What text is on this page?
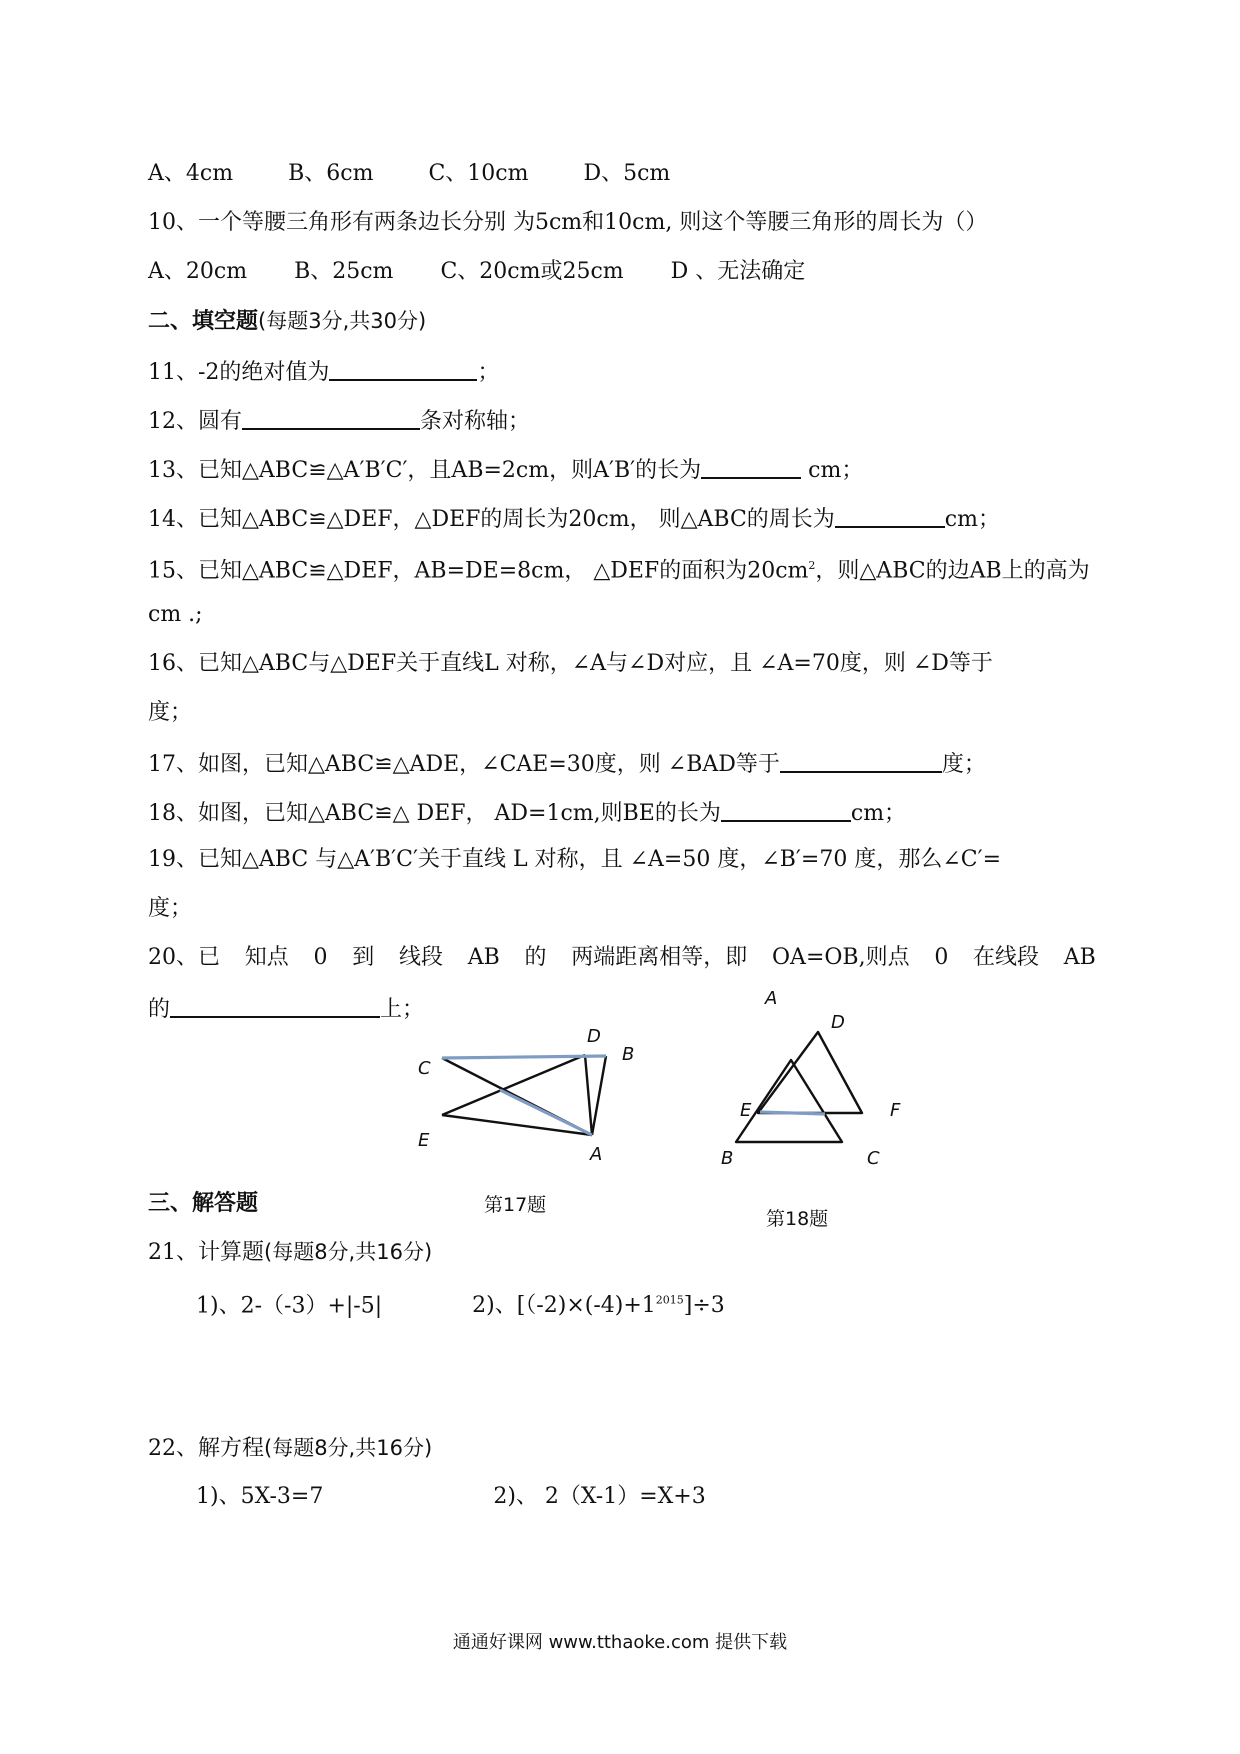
A、4cm	B、6cm	C、10cm	D、5cm
10、一个等腰三角形有两条边长分别 为5cm和10cm, 则这个等腰三角形的周长为（）
A、20cm B、25cm C、20cm或25cm D 、无法确定
二、填空题(每题3分,共30分)
11、-2的绝对值为	；
12、圆有	条对称轴；
13、已知△ABC≌△A′B′C′，且AB=2cm，则A′B′的长为	cm；
14、已知△ABC≌△DEF，△DEF的周长为20cm， 则△ABC的周长为	cm；
15、已知△ABC≌△DEF，AB=DE=8cm， △DEF的面积为$20cm^2$，则△ABC的边AB上的高为
cm .;
16、已知△ABC与△DEF关于直线L 对称，∠A与∠D对应，且 ∠A=70度，则 ∠D等于
度；
17、如图，已知△ABC≌△ADE，∠CAE=30度，则 ∠BAD等于	度；
18、如图，已知△ABC≌△ DEF， AD=1cm,则BE的长为	cm；
19、已知△ABC 与△A′B′C′关于直线 L 对称，且 ∠A=50 度，∠B′=70 度，那么∠C′=
度；
20、已 知点 0 到 线段 AB 的 两端距离相等，即 OA=OB,则点 0 在线段 AB
的	上；
C
D
B
E
A
A
D
E	F
B	C
第17题
第18题
三、解答题
21、计算题(每题8分,共16分)
1)、2-（-3）+|-5|	2)、$[(-2)\times(-4)+1^{2015}]\div 3$
22、解方程(每题8分,共16分)
1)、5X-3=7	2)、 2（X-1）=X+3
通通好课网 www.tthaoke.com 提供下载
